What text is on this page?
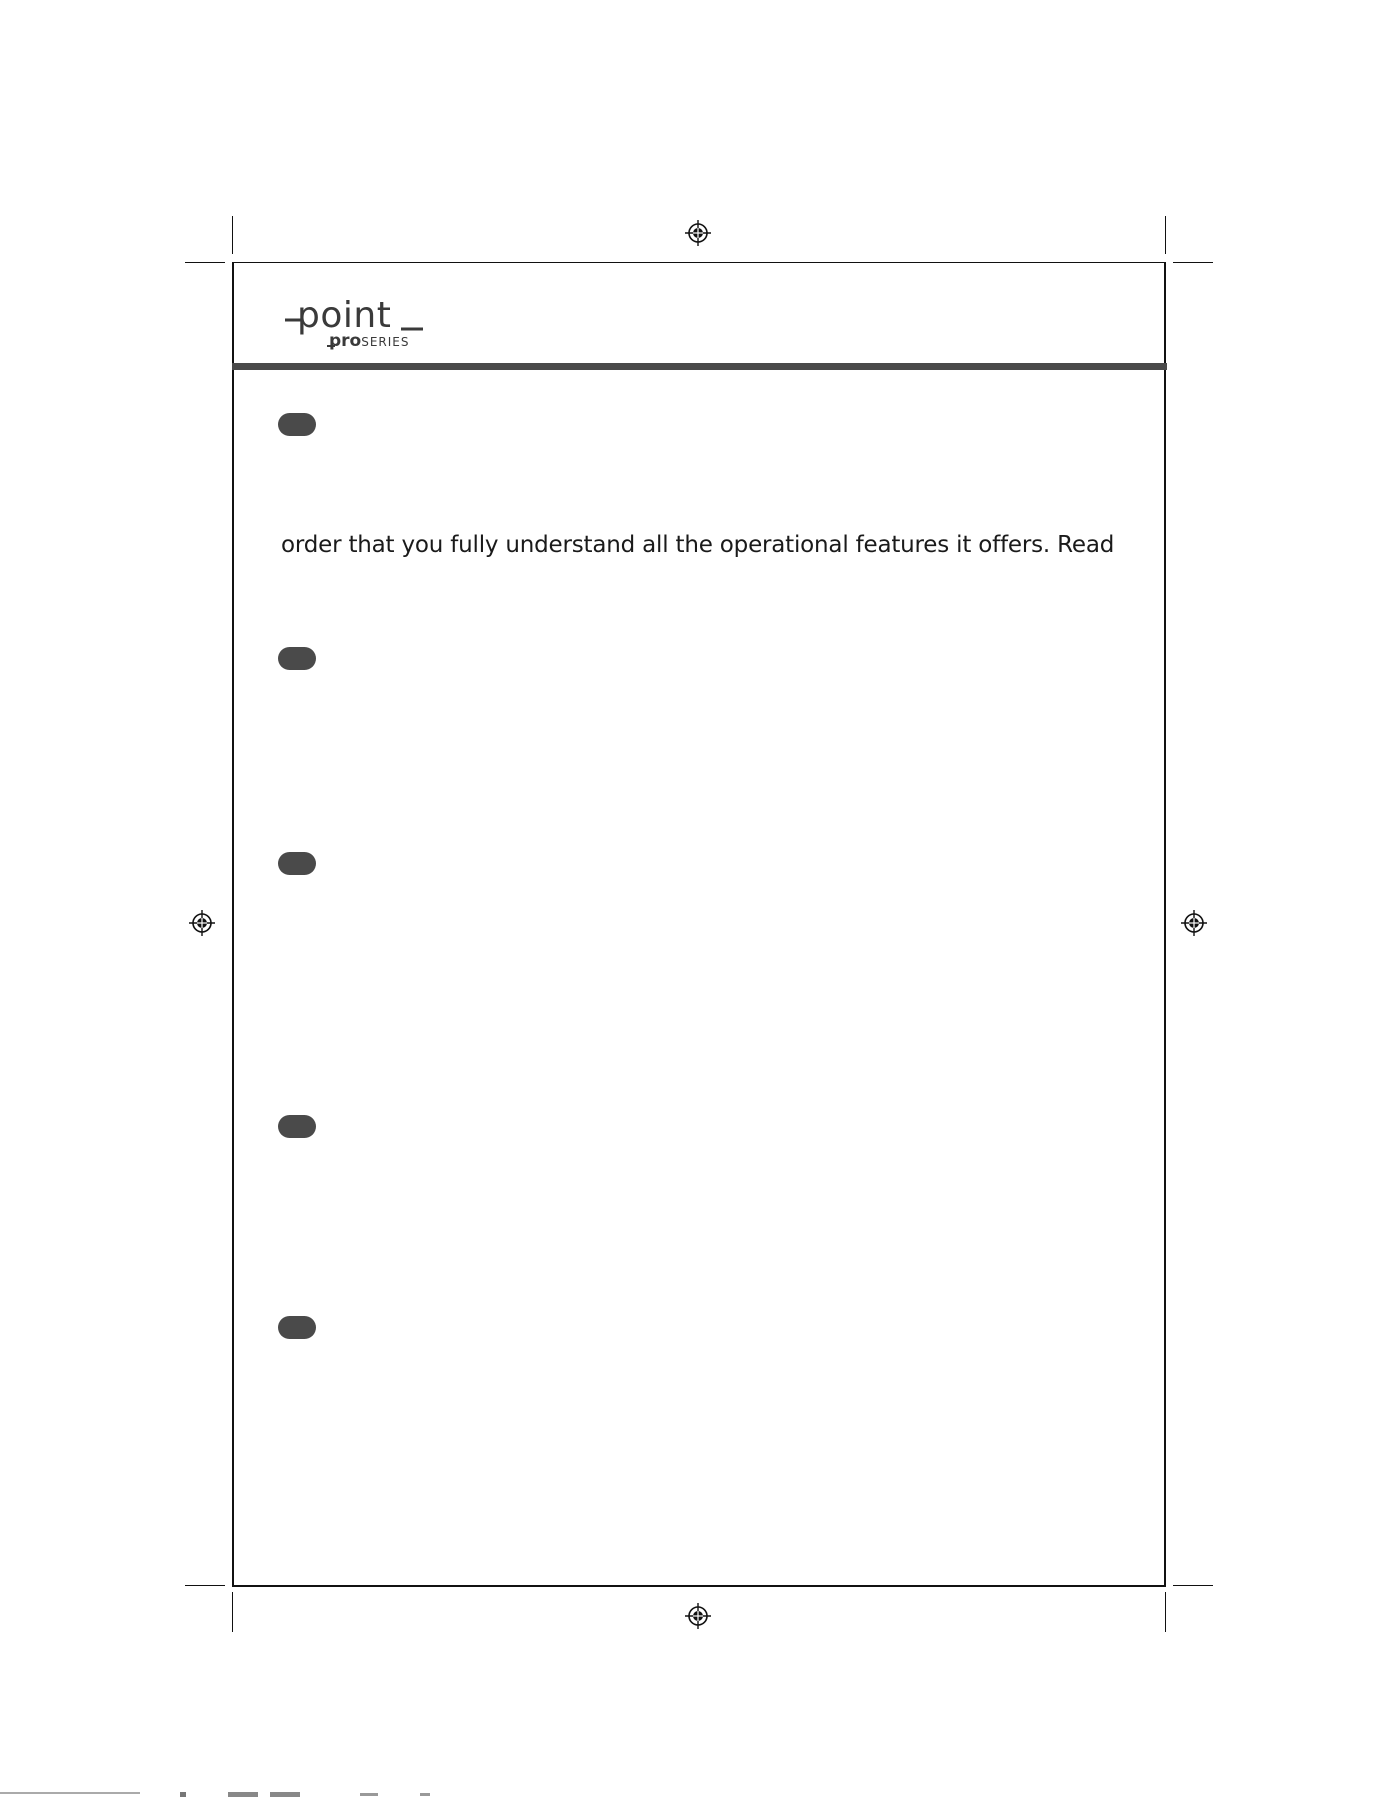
point
proSERIES
order that you fully understand all the operational features it offers. Read
